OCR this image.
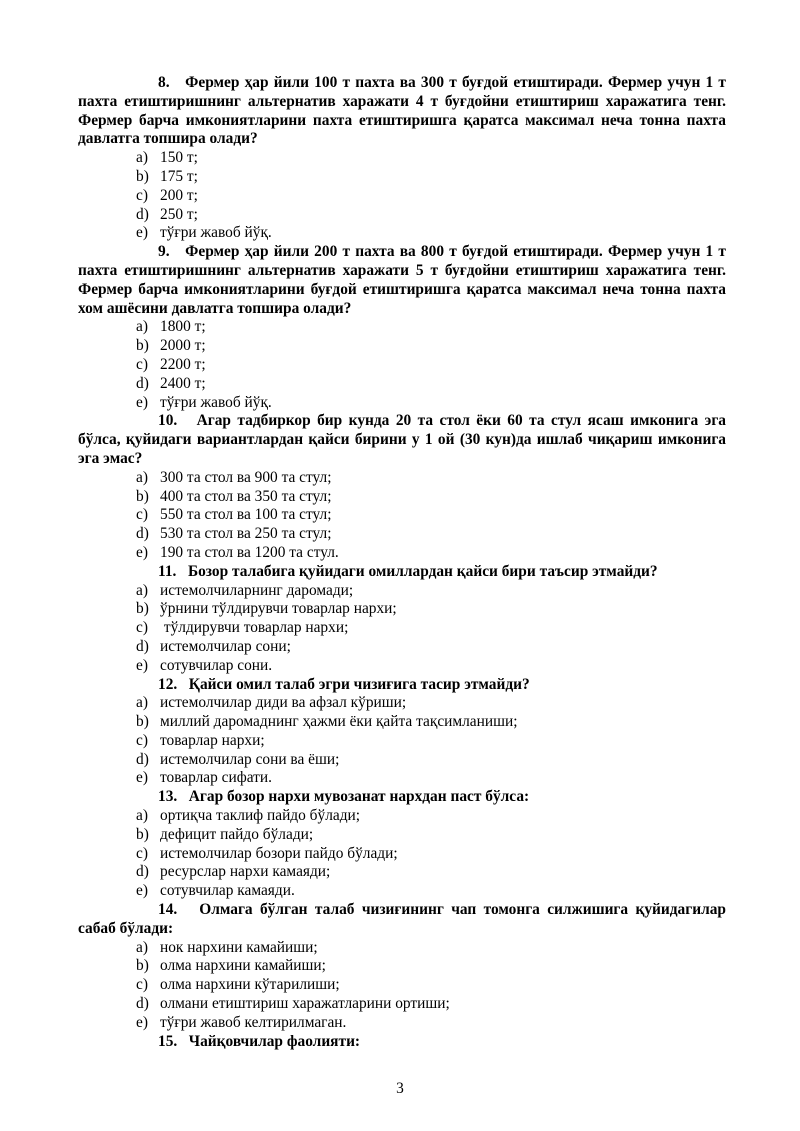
8. Фермер ҳар йили 100 т пахта ва 300 т буғдой етиштиради. Фермер учун 1 т пахта етиштиришнинг альтернатив харажати 4 т буғдойни етиштириш харажатига тенг. Фермер барча имкониятларини пахта етиштиришга қаратса максимал неча тонна пахта давлатга топшира олади?

a) 150 т;
b) 175 т;
c) 200 т;
d) 250 т;
e) тўғри жавоб йўқ.

9. Фермер ҳар йили 200 т пахта ва 800 т буғдой етиштиради. Фермер учун 1 т пахта етиштиришнинг альтернатив харажати 5 т буғдойни етиштириш харажатига тенг. Фермер барча имкониятларини буғдой етиштиришга қаратса максимал неча тонна пахта хом ашёсини давлатга топшира олади?

a) 1800 т;
b) 2000 т;
c) 2200 т;
d) 2400 т;
e) тўғри жавоб йўқ.

10. Агар тадбиркор бир кунда 20 та стол ёки 60 та стул ясаш имконига эга бўлса, қуйидаги вариантлардан қайси бирини у 1 ой (30 кун)да ишлаб чиқариш имконига эга эмас?

a) 300 та стол ва 900 та стул;
b) 400 та стол ва 350 та стул;
c) 550 та стол ва 100 та стул;
d) 530 та стол ва 250 та стул;
e) 190 та стол ва 1200 та стул.

11. Бозор талабига қуйидаги омиллардан қайси бири таъсир этмайди?

a) истемолчиларнинг даромади;
b) ўрнини тўлдирувчи товарлар нархи;
c) тўлдирувчи товарлар нархи;
d) истемолчилар сони;
e) сотувчилар сони.

12. Қайси омил талаб эгри чизиғига тасир этмайди?

a) истемолчилар диди ва афзал кўриши;
b) миллий даромаднинг ҳажми ёки қайта тақсимланиши;
c) товарлар нархи;
d) истемолчилар сони ва ёши;
e) товарлар сифати.

13. Агар бозор нархи мувозанат нархдан паст бўлса:

a) ортиқча таклиф пайдо бўлади;
b) дефицит пайдо бўлади;
c) истемолчилар бозори пайдо бўлади;
d) ресурслар нархи камаяди;
e) сотувчилар камаяди.

14. Олмага бўлган талаб чизиғининг чап томонга силжишига қуйидагилар сабаб бўлади:

a) нок нархини камайиши;
b) олма нархини камайиши;
c) олма нархини кўтарилиши;
d) олмани етиштириш харажатларини ортиши;
e) тўғри жавоб келтирилмаган.

15. Чайқовчилар фаолияти:

3
